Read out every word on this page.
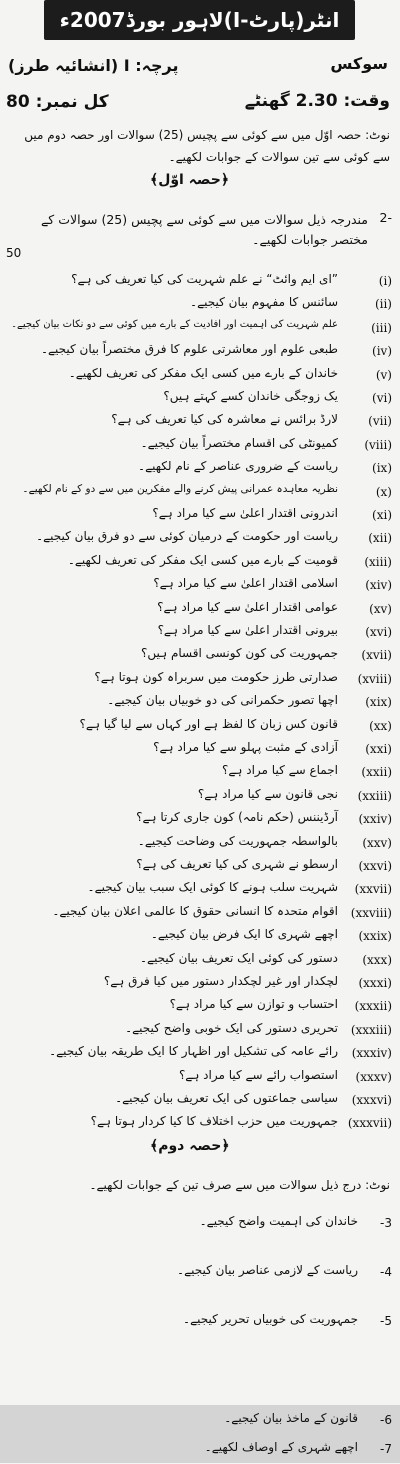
انٹر(پارٹ-I)لاہور بورڈ2007ء
سوکس
پرچہ: I (انشائیہ طرز)
وقت: 2.30 گھنٹے
کل نمبر: 80
نوٹ: حصہ اوّل میں سے کوئی سے پچیس (25) سوالات اور حصہ دوم میں سے کوئی سے تین سوالات کے جوابات لکھیے۔
﴿حصہ اوّل﴾
2-
مندرجہ ذیل سوالات میں سے کوئی سے پچیس (25) سوالات کے مختصر جوابات لکھیے۔
50
(i)
”ای ایم وائٹ“ نے علم شہریت کی کیا تعریف کی ہے؟
(ii)
سائنس کا مفہوم بیان کیجیے۔
(iii)
علم شہریت کی اہمیت اور افادیت کے بارے میں کوئی سے دو نکات بیان کیجیے۔
(iv)
طبعی علوم اور معاشرتی علوم کا فرق مختصراً بیان کیجیے۔
(v)
خاندان کے بارے میں کسی ایک مفکر کی تعریف لکھیے۔
(vi)
یک زوجگی خاندان کسے کہتے ہیں؟
(vii)
لارڈ برائس نے معاشرہ کی کیا تعریف کی ہے؟
(viii)
کمیونٹی کی اقسام مختصراً بیان کیجیے۔
(ix)
ریاست کے ضروری عناصر کے نام لکھیے۔
(x)
نظریہ معاہدہ عمرانی پیش کرنے والے مفکرین میں سے دو کے نام لکھیے۔
(xi)
اندرونی اقتدار اعلیٰ سے کیا مراد ہے؟
(xii)
ریاست اور حکومت کے درمیان کوئی سے دو فرق بیان کیجیے۔
(xiii)
قومیت کے بارے میں کسی ایک مفکر کی تعریف لکھیے۔
(xiv)
اسلامی اقتدار اعلیٰ سے کیا مراد ہے؟
(xv)
عوامی اقتدار اعلیٰ سے کیا مراد ہے؟
(xvi)
بیرونی اقتدار اعلیٰ سے کیا مراد ہے؟
(xvii)
جمہوریت کی کون کونسی اقسام ہیں؟
(xviii)
صدارتی طرز حکومت میں سربراہ کون ہوتا ہے؟
(xix)
اچھا تصور حکمرانی کی دو خوبیاں بیان کیجیے۔
(xx)
قانون کس زبان کا لفظ ہے اور کہاں سے لیا گیا ہے؟
(xxi)
آزادی کے مثبت پہلو سے کیا مراد ہے؟
(xxii)
اجماع سے کیا مراد ہے؟
(xxiii)
نجی قانون سے کیا مراد ہے؟
(xxiv)
آرڈیننس (حکم نامہ) کون جاری کرتا ہے؟
(xxv)
بالواسطہ جمہوریت کی وضاحت کیجیے۔
(xxvi)
ارسطو نے شہری کی کیا تعریف کی ہے؟
(xxvii)
شہریت سلب ہونے کا کوئی ایک سبب بیان کیجیے۔
(xxviii)
اقوام متحدہ کا انسانی حقوق کا عالمی اعلان بیان کیجیے۔
(xxix)
اچھے شہری کا ایک فرض بیان کیجیے۔
(xxx)
دستور کی کوئی ایک تعریف بیان کیجیے۔
(xxxi)
لچکدار اور غیر لچکدار دستور میں کیا فرق ہے؟
(xxxii)
احتساب و توازن سے کیا مراد ہے؟
(xxxiii)
تحریری دستور کی ایک خوبی واضح کیجیے۔
(xxxiv)
رائے عامہ کی تشکیل اور اظہار کا ایک طریقہ بیان کیجیے۔
(xxxv)
استصواب رائے سے کیا مراد ہے؟
(xxxvi)
سیاسی جماعتوں کی ایک تعریف بیان کیجیے۔
(xxxvii)
جمہوریت میں حزب اختلاف کا کیا کردار ہوتا ہے؟
﴿حصہ دوم﴾
نوٹ: درج ذیل سوالات میں سے صرف تین کے جوابات لکھیے۔
-3
خاندان کی اہمیت واضح کیجیے۔
-4
ریاست کے لازمی عناصر بیان کیجیے۔
-5
جمہوریت کی خوبیاں تحریر کیجیے۔
-6
قانون کے ماخذ بیان کیجیے۔
-7
اچھے شہری کے اوصاف لکھیے۔
